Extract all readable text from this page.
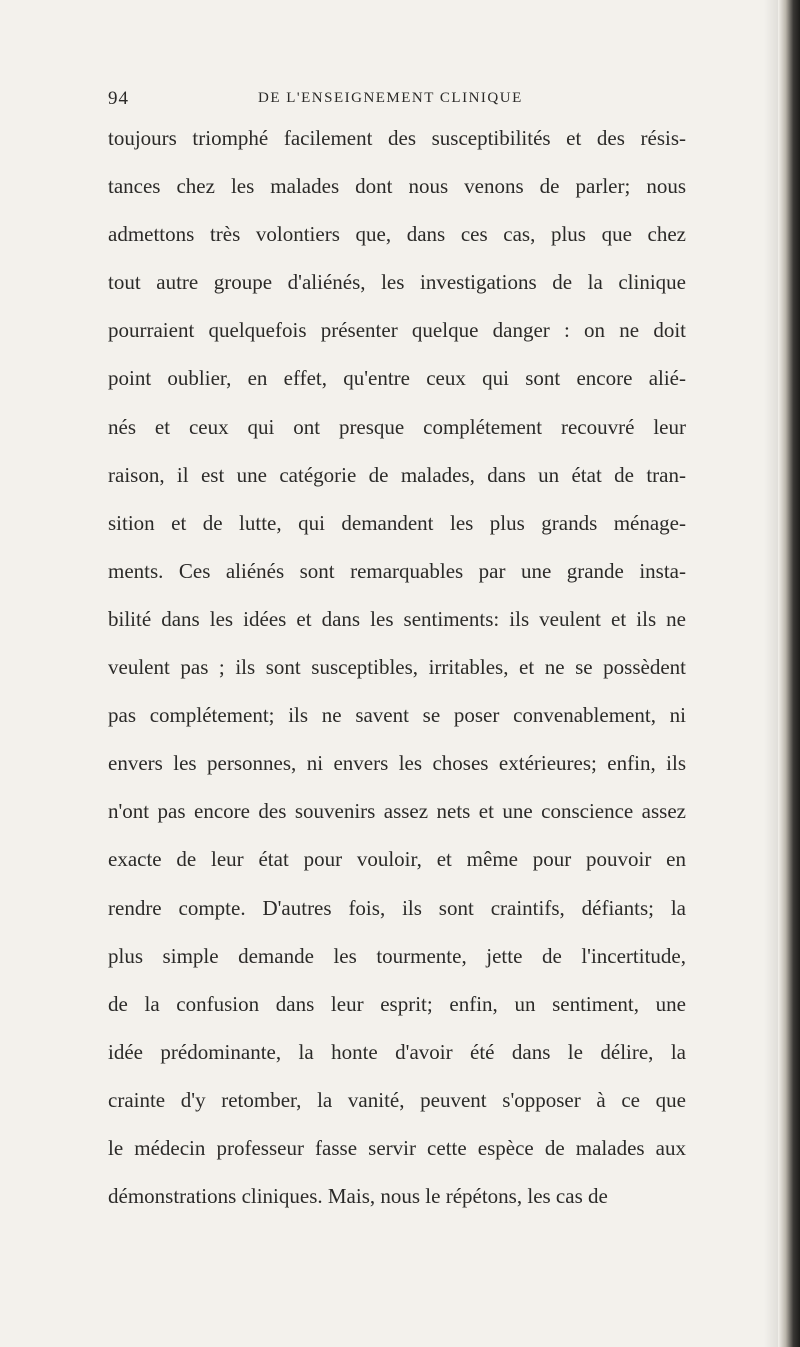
94	DE L'ENSEIGNEMENT CLINIQUE
toujours triomphé facilement des susceptibilités et des résis-
tances chez les malades dont nous venons de parler; nous
admettons très volontiers que, dans ces cas, plus que chez
tout autre groupe d'aliénés, les investigations de la clinique
pourraient quelquefois présenter quelque danger : on ne doit
point oublier, en effet, qu'entre ceux qui sont encore alié-
nés et ceux qui ont presque complétement recouvré leur
raison, il est une catégorie de malades, dans un état de tran-
sition et de lutte, qui demandent les plus grands ménage-
ments. Ces aliénés sont remarquables par une grande insta-
bilité dans les idées et dans les sentiments: ils veulent et ils ne
veulent pas ; ils sont susceptibles, irritables, et ne se possèdent
pas complétement; ils ne savent se poser convenablement, ni
envers les personnes, ni envers les choses extérieures; enfin, ils
n'ont pas encore des souvenirs assez nets et une conscience assez
exacte de leur état pour vouloir, et même pour pouvoir en
rendre compte. D'autres fois, ils sont craintifs, défiants; la
plus simple demande les tourmente, jette de l'incertitude,
de la confusion dans leur esprit; enfin, un sentiment, une
idée prédominante, la honte d'avoir été dans le délire, la
crainte d'y retomber, la vanité, peuvent s'opposer à ce que
le médecin professeur fasse servir cette espèce de malades aux
démonstrations cliniques. Mais, nous le répétons, les cas de
